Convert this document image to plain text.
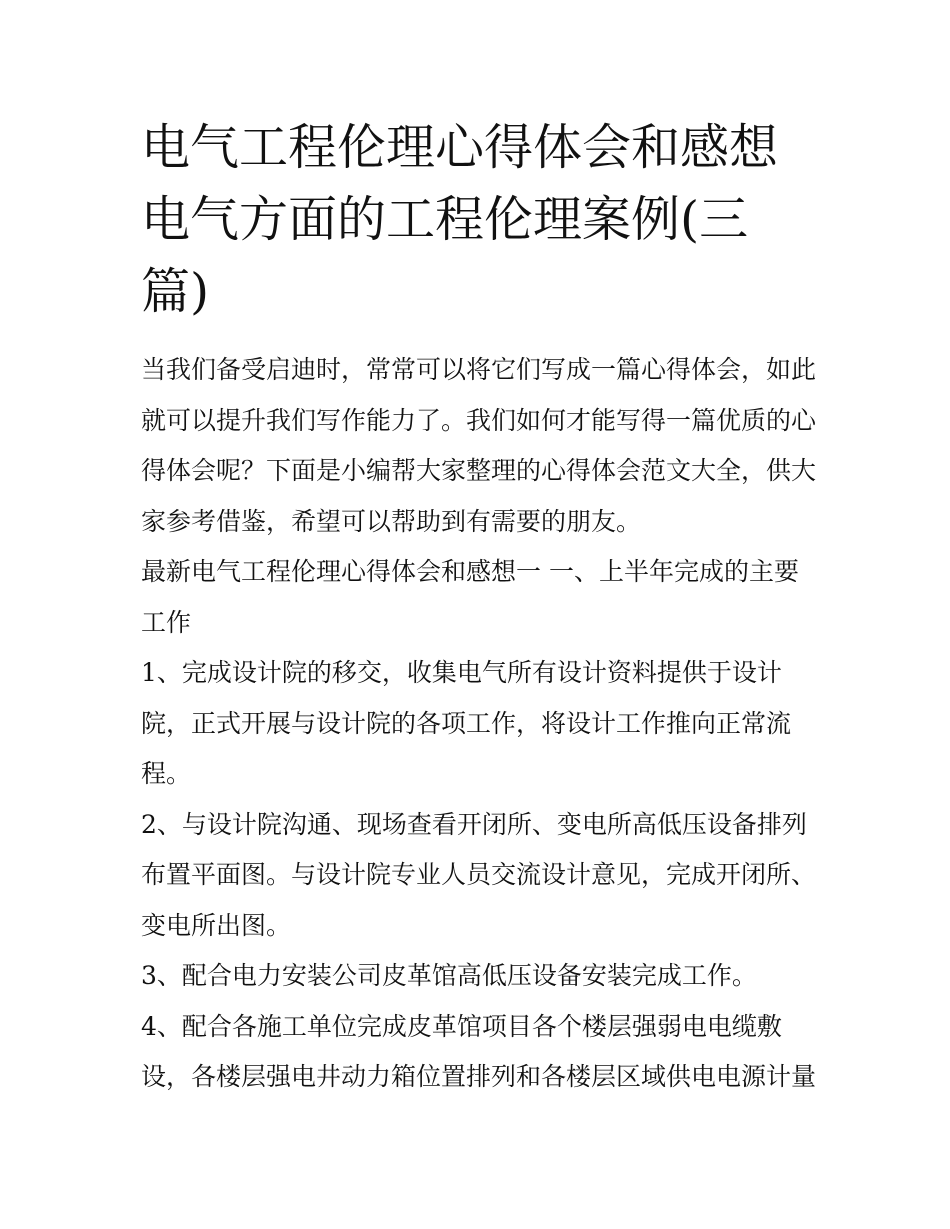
电气工程伦理心得体会和感想
电气方面的工程伦理案例(三
篇)

当我们备受启迪时，常常可以将它们写成一篇心得体会，如此
就可以提升我们写作能力了。我们如何才能写得一篇优质的心
得体会呢？下面是小编帮大家整理的心得体会范文大全，供大
家参考借鉴，希望可以帮助到有需要的朋友。

最新电气工程伦理心得体会和感想一 一、上半年完成的主要
工作

1、完成设计院的移交，收集电气所有设计资料提供于设计
院，正式开展与设计院的各项工作，将设计工作推向正常流
程。

2、与设计院沟通、现场查看开闭所、变电所高低压设备排列
布置平面图。与设计院专业人员交流设计意见，完成开闭所、
变电所出图。

3、配合电力安装公司皮革馆高低压设备安装完成工作。

4、配合各施工单位完成皮革馆项目各个楼层强弱电电缆敷
设，各楼层强电井动力箱位置排列和各楼层区域供电电源计量
